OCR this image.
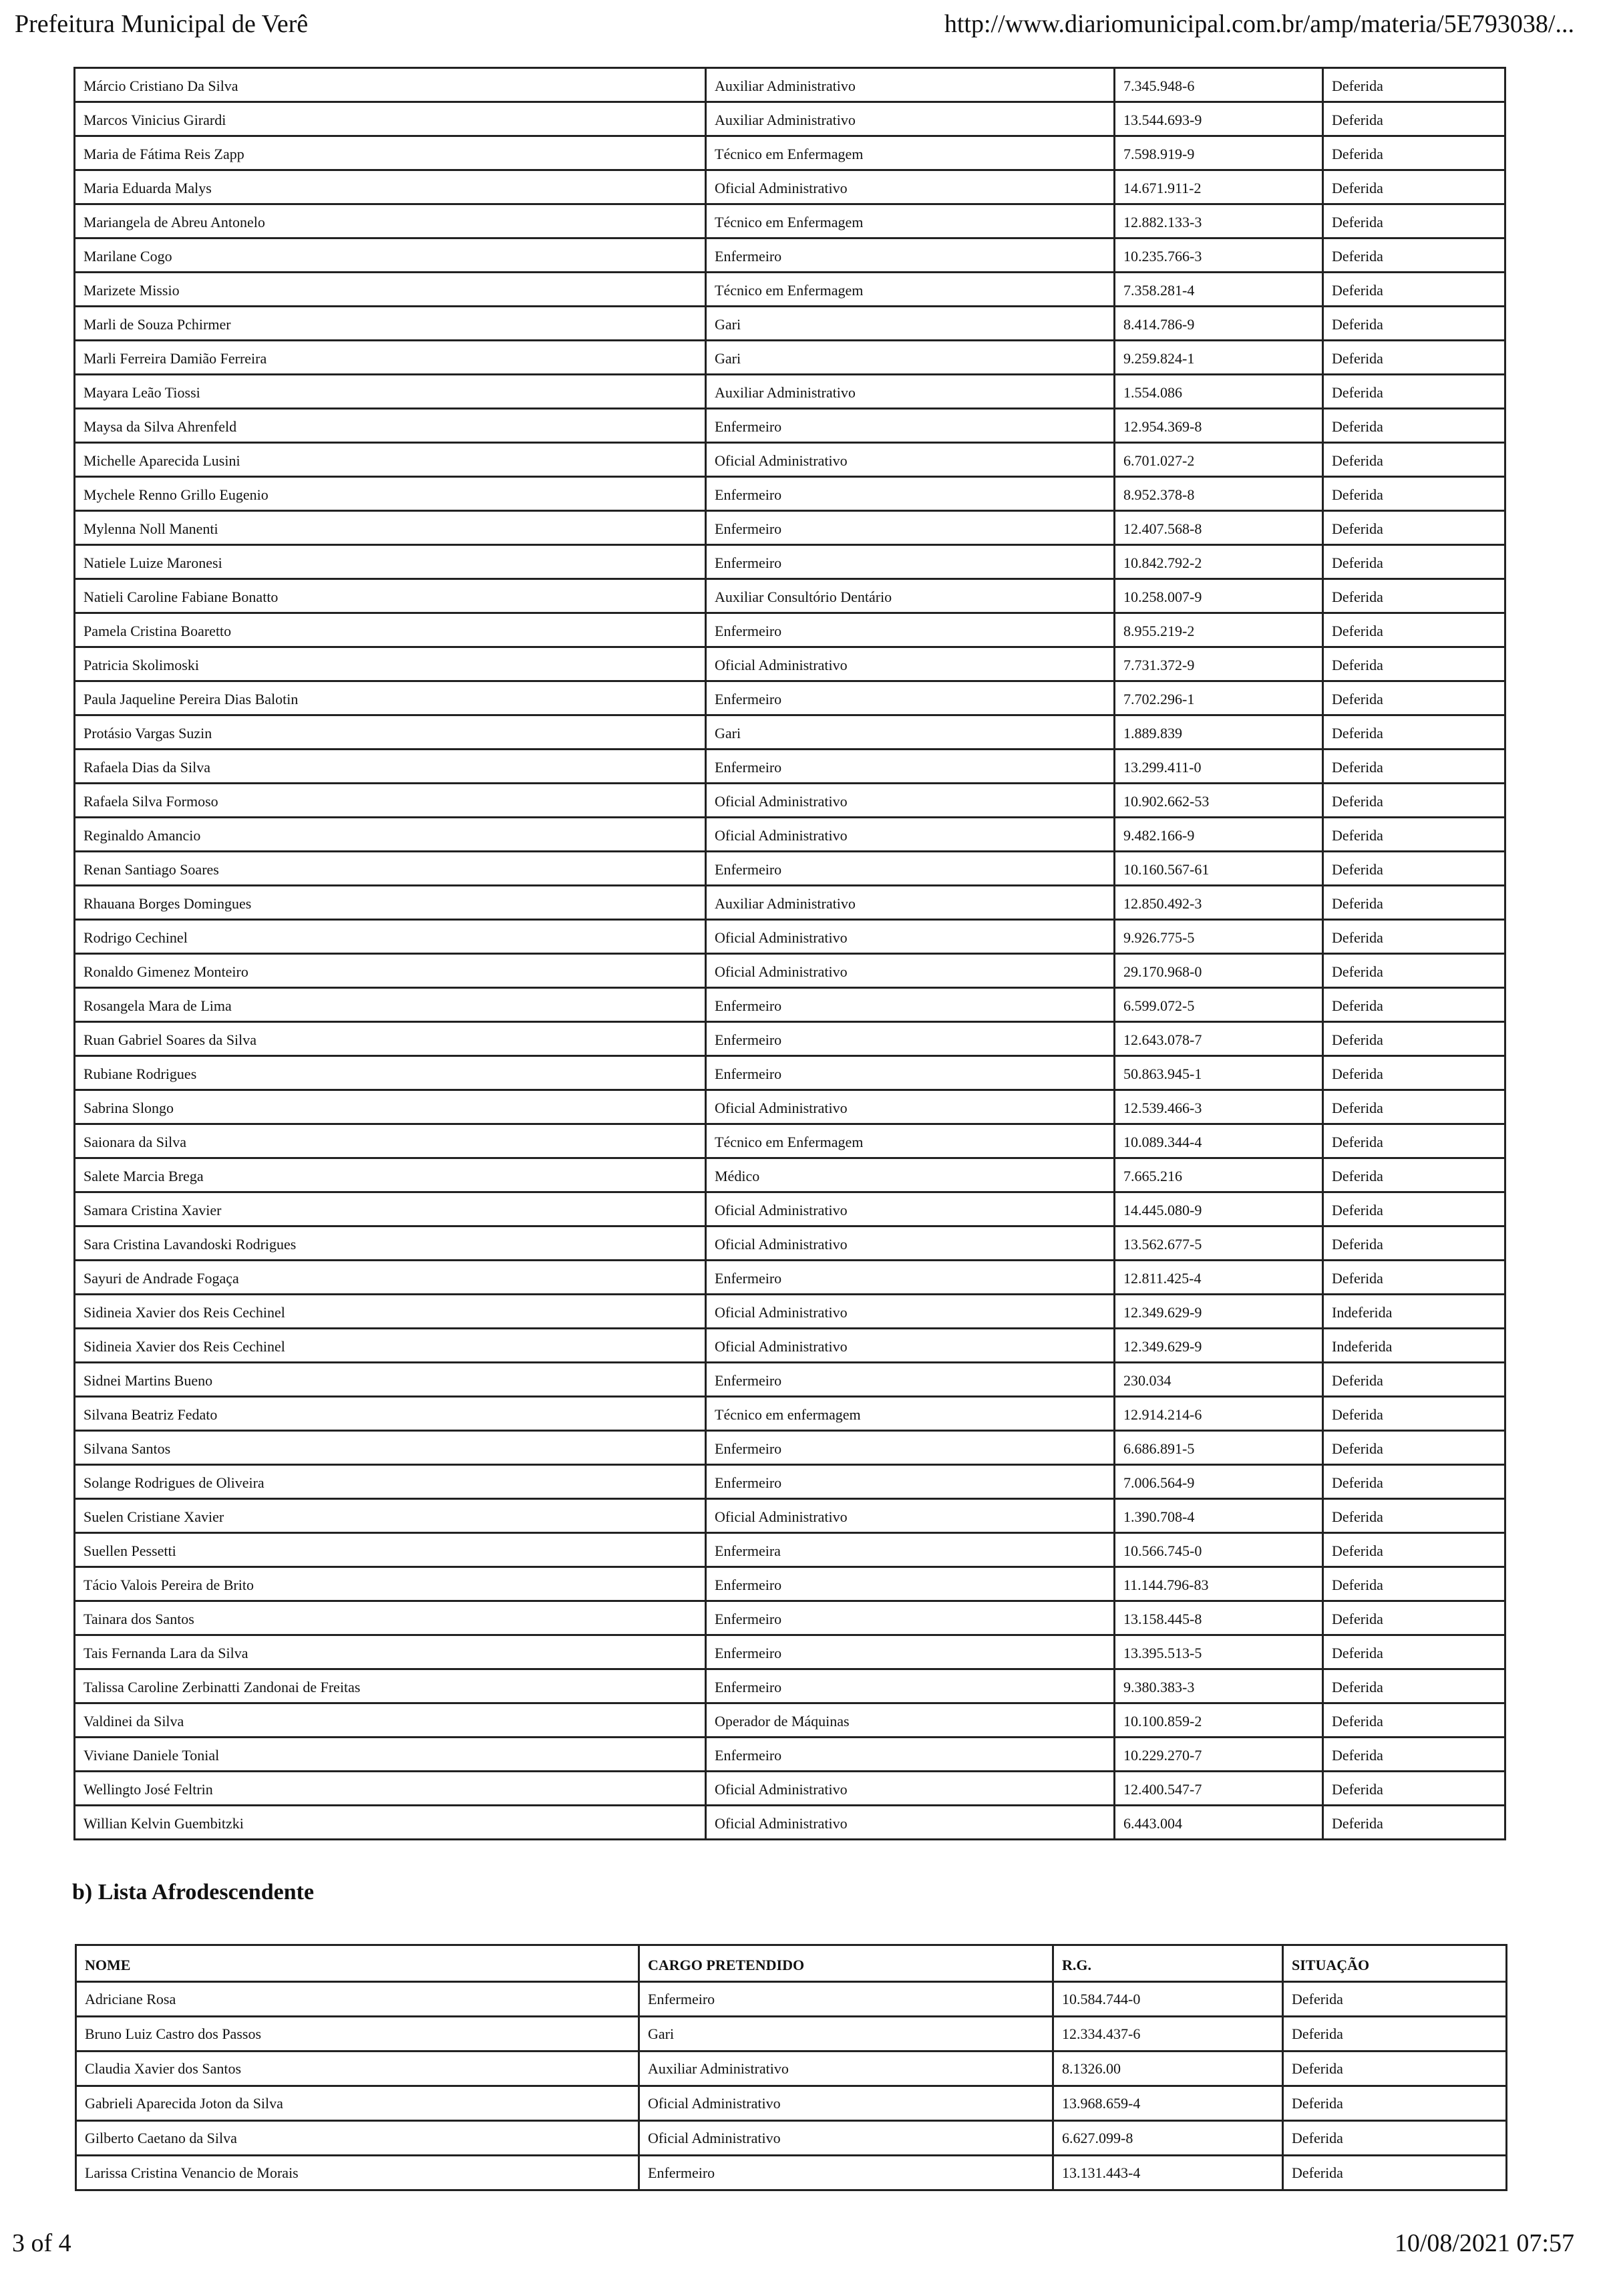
Prefeitura Municipal de Verê	http://www.diariomunicipal.com.br/amp/materia/5E793038/...
Márcio Cristiano Da Silva	Auxiliar Administrativo	7.345.948-6	Deferida
Marcos Vinicius Girardi	Auxiliar Administrativo	13.544.693-9	Deferida
Maria de Fátima Reis Zapp	Técnico em Enfermagem	7.598.919-9	Deferida
Maria Eduarda Malys	Oficial Administrativo	14.671.911-2	Deferida
Mariangela de Abreu Antonelo	Técnico em Enfermagem	12.882.133-3	Deferida
Marilane Cogo	Enfermeiro	10.235.766-3	Deferida
Marizete Missio	Técnico em Enfermagem	7.358.281-4	Deferida
Marli de Souza Pchirmer	Gari	8.414.786-9	Deferida
Marli Ferreira Damião Ferreira	Gari	9.259.824-1	Deferida
Mayara Leão Tiossi	Auxiliar Administrativo	1.554.086	Deferida
Maysa da Silva Ahrenfeld	Enfermeiro	12.954.369-8	Deferida
Michelle Aparecida Lusini	Oficial Administrativo	6.701.027-2	Deferida
Mychele Renno Grillo Eugenio	Enfermeiro	8.952.378-8	Deferida
Mylenna Noll Manenti	Enfermeiro	12.407.568-8	Deferida
Natiele Luize Maronesi	Enfermeiro	10.842.792-2	Deferida
Natieli Caroline Fabiane Bonatto	Auxiliar Consultório Dentário	10.258.007-9	Deferida
Pamela Cristina Boaretto	Enfermeiro	8.955.219-2	Deferida
Patricia Skolimoski	Oficial Administrativo	7.731.372-9	Deferida
Paula Jaqueline Pereira Dias Balotin	Enfermeiro	7.702.296-1	Deferida
Protásio Vargas Suzin	Gari	1.889.839	Deferida
Rafaela Dias da Silva	Enfermeiro	13.299.411-0	Deferida
Rafaela Silva Formoso	Oficial Administrativo	10.902.662-53	Deferida
Reginaldo Amancio	Oficial Administrativo	9.482.166-9	Deferida
Renan Santiago Soares	Enfermeiro	10.160.567-61	Deferida
Rhauana Borges Domingues	Auxiliar Administrativo	12.850.492-3	Deferida
Rodrigo Cechinel	Oficial Administrativo	9.926.775-5	Deferida
Ronaldo Gimenez Monteiro	Oficial Administrativo	29.170.968-0	Deferida
Rosangela Mara de Lima	Enfermeiro	6.599.072-5	Deferida
Ruan Gabriel Soares da Silva	Enfermeiro	12.643.078-7	Deferida
Rubiane Rodrigues	Enfermeiro	50.863.945-1	Deferida
Sabrina Slongo	Oficial Administrativo	12.539.466-3	Deferida
Saionara da Silva	Técnico em Enfermagem	10.089.344-4	Deferida
Salete Marcia Brega	Médico	7.665.216	Deferida
Samara Cristina Xavier	Oficial Administrativo	14.445.080-9	Deferida
Sara Cristina Lavandoski Rodrigues	Oficial Administrativo	13.562.677-5	Deferida
Sayuri de Andrade Fogaça	Enfermeiro	12.811.425-4	Deferida
Sidineia Xavier dos Reis Cechinel	Oficial Administrativo	12.349.629-9	Indeferida
Sidineia Xavier dos Reis Cechinel	Oficial Administrativo	12.349.629-9	Indeferida
Sidnei Martins Bueno	Enfermeiro	230.034	Deferida
Silvana Beatriz Fedato	Técnico em enfermagem	12.914.214-6	Deferida
Silvana Santos	Enfermeiro	6.686.891-5	Deferida
Solange Rodrigues de Oliveira	Enfermeiro	7.006.564-9	Deferida
Suelen Cristiane Xavier	Oficial Administrativo	1.390.708-4	Deferida
Suellen Pessetti	Enfermeira	10.566.745-0	Deferida
Tácio Valois Pereira de Brito	Enfermeiro	11.144.796-83	Deferida
Tainara dos Santos	Enfermeiro	13.158.445-8	Deferida
Tais Fernanda Lara da Silva	Enfermeiro	13.395.513-5	Deferida
Talissa Caroline Zerbinatti Zandonai de Freitas	Enfermeiro	9.380.383-3	Deferida
Valdinei da Silva	Operador de Máquinas	10.100.859-2	Deferida
Viviane Daniele Tonial	Enfermeiro	10.229.270-7	Deferida
Wellingto José Feltrin	Oficial Administrativo	12.400.547-7	Deferida
Willian Kelvin Guembitzki	Oficial Administrativo	6.443.004	Deferida
b) Lista Afrodescendente
NOME	CARGO PRETENDIDO	R.G.	SITUAÇÃO
Adriciane Rosa	Enfermeiro	10.584.744-0	Deferida
Bruno Luiz Castro dos Passos	Gari	12.334.437-6	Deferida
Claudia Xavier dos Santos	Auxiliar Administrativo	8.1326.00	Deferida
Gabrieli Aparecida Joton da Silva	Oficial Administrativo	13.968.659-4	Deferida
Gilberto Caetano da Silva	Oficial Administrativo	6.627.099-8	Deferida
Larissa Cristina Venancio de Morais	Enfermeiro	13.131.443-4	Deferida
3 of 4	10/08/2021 07:57
